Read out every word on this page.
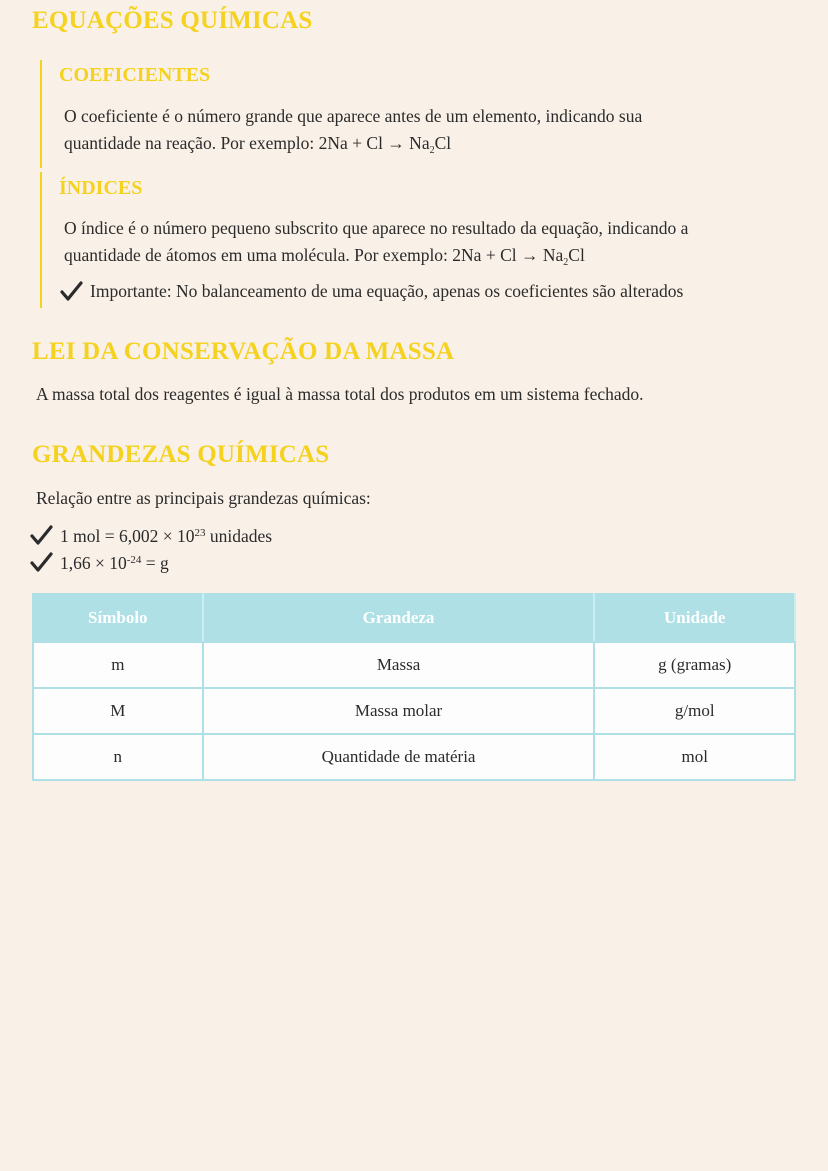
EQUAÇÕES QUÍMICAS
COEFICIENTES

O coeficiente é o número grande que aparece antes de um elemento, indicando sua

quantidade na reação. Por exemplo: $2Na + Cl \to Na_2Cl$

ÍNDICES

O índice é o número pequeno subscrito que aparece no resultado da equação, indicando a

quantidade de átomos em uma molécula. Por exemplo: $2Na + Cl \to Na_2Cl$

Importante: No balanceamento de uma equação, apenas os coeficientes são alterados
LEI DA CONSERVAÇÃO DA MASSA

A massa total dos reagentes é igual à massa total dos produtos em um sistema fechado.

GRANDEZAS QUÍMICAS

Relação entre as principais grandezas químicas:

1 mol = $6,002 \times 10^{23}$ unidades
$1,66 \times 10^{-24} = g$
Símbolo	Grandeza	Unidade
m	Massa	g (gramas)
M	Massa molar	g/mol
n	Quantidade de matéria	mol
